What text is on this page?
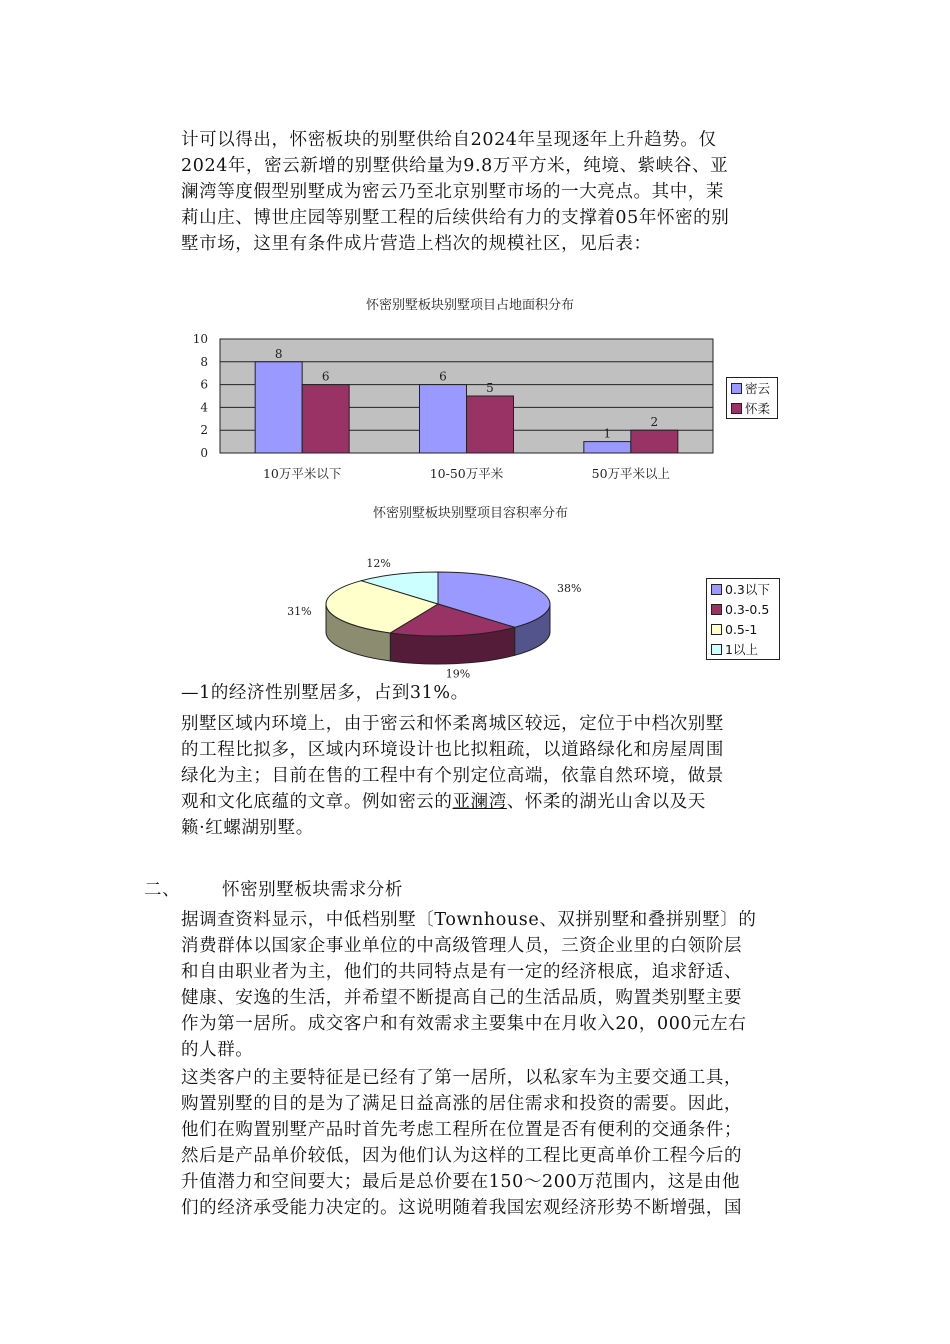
计可以得出，怀密板块的别墅供给自2024年呈现逐年上升趋势。仅
2024年，密云新增的别墅供给量为9.8万平方米，纯境、紫峡谷、亚
澜湾等度假型别墅成为密云乃至北京别墅市场的一大亮点。其中，茉
莉山庄、博世庄园等别墅工程的后续供给有力的支撑着05年怀密的别
墅市场，这里有条件成片营造上档次的规模社区，见后表：
怀密别墅板块别墅项目占地面积分布
0
2
4
6
8
10
8
6	6
5
1
2
10万平米以下	10-50万平米	50万平米以上
密云
怀柔
怀密别墅板块别墅项目容积率分布
38%
19%
31%
12%
0.3以下
0.3-0.5
0.5-1
1以上
—1的经济性别墅居多，占到31%。
别墅区域内环境上，由于密云和怀柔离城区较远，定位于中档次别墅
的工程比拟多，区域内环境设计也比拟粗疏，以道路绿化和房屋周围
绿化为主；目前在售的工程中有个别定位高端，依靠自然环境，做景
观和文化底蕴的文章。例如密云的亚澜湾、怀柔的湖光山舍以及天
籁·红螺湖别墅。
二、 怀密别墅板块需求分析
据调查资料显示，中低档别墅〔Townhouse、双拼别墅和叠拼别墅〕的
消费群体以国家企事业单位的中高级管理人员，三资企业里的白领阶层
和自由职业者为主，他们的共同特点是有一定的经济根底，追求舒适、
健康、安逸的生活，并希望不断提高自己的生活品质，购置类别墅主要
作为第一居所。成交客户和有效需求主要集中在月收入20，000元左右
的人群。
这类客户的主要特征是已经有了第一居所，以私家车为主要交通工具，
购置别墅的目的是为了满足日益高涨的居住需求和投资的需要。因此，
他们在购置别墅产品时首先考虑工程所在位置是否有便利的交通条件；
然后是产品单价较低，因为他们认为这样的工程比更高单价工程今后的
升值潜力和空间要大；最后是总价要在150～200万范围内，这是由他
们的经济承受能力决定的。这说明随着我国宏观经济形势不断增强，国
